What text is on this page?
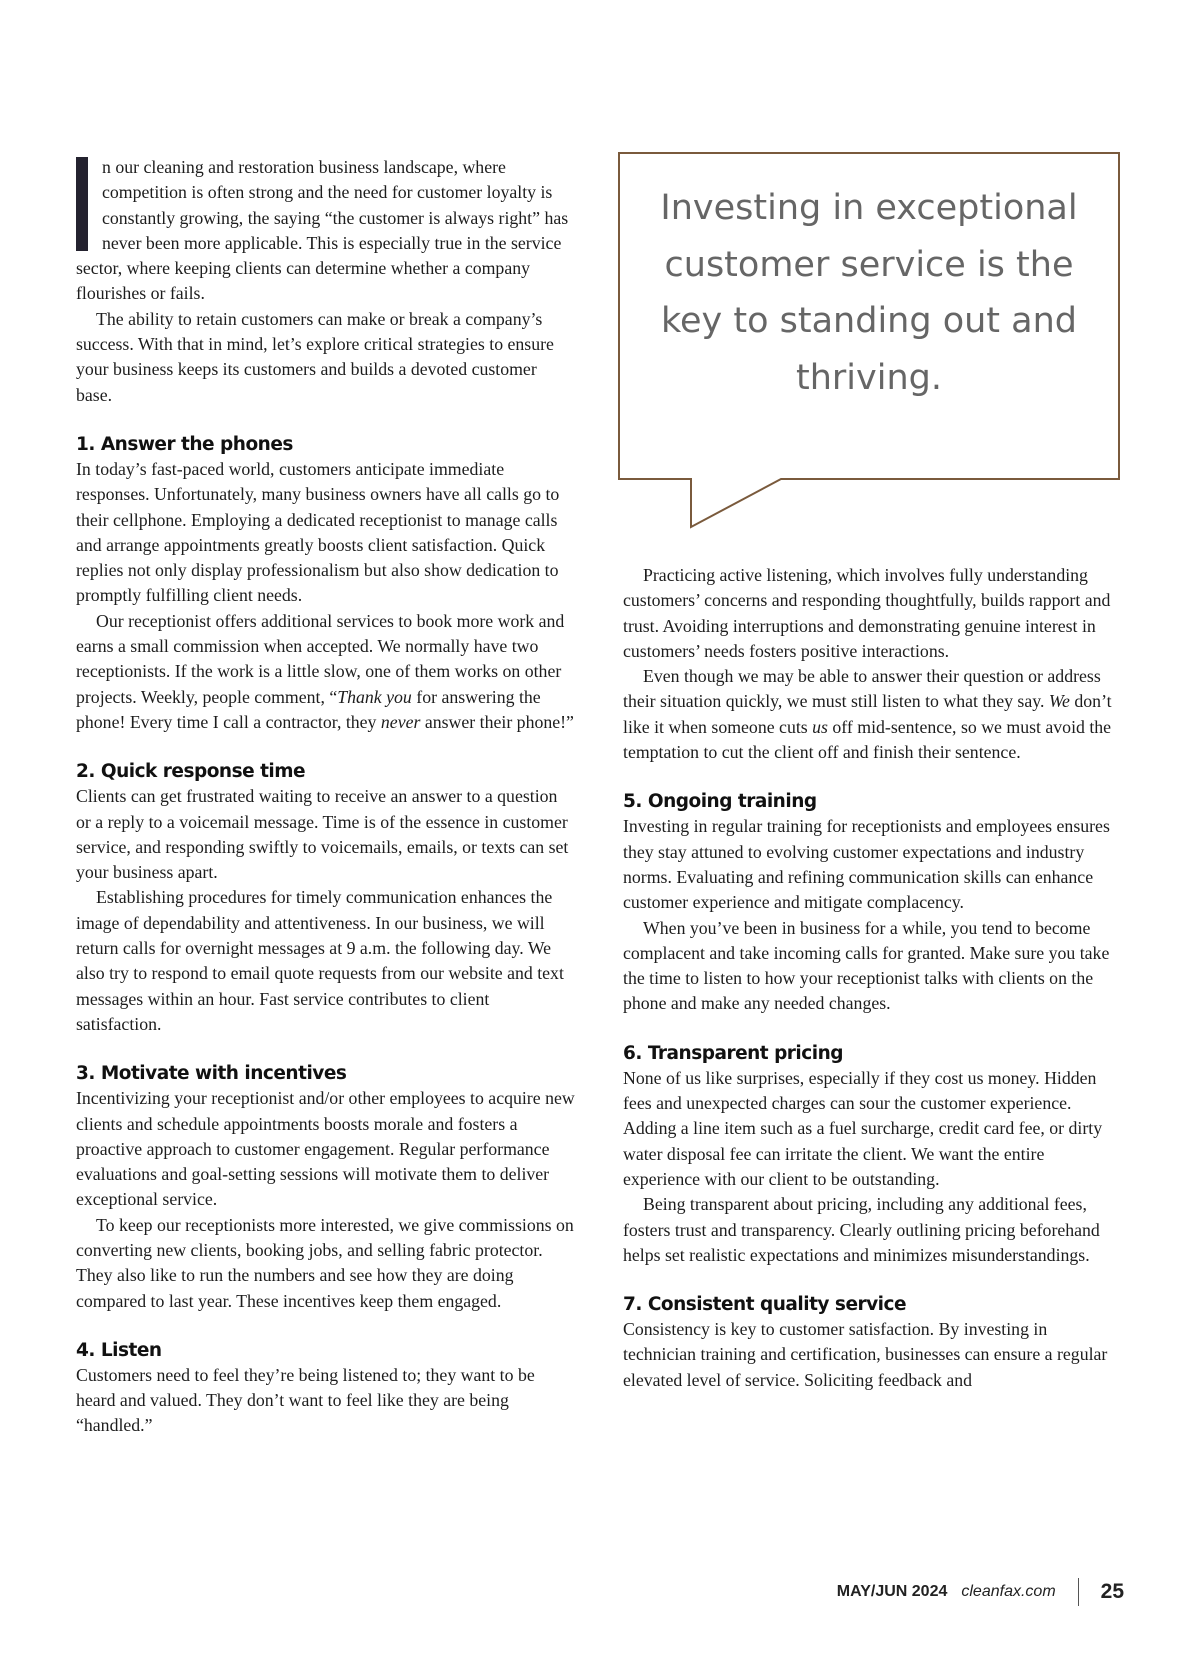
n our cleaning and restoration business landscape, where competition is often strong and the need for customer loyalty is constantly growing, the saying “the customer is always right” has never been more applicable. This is especially true in the service sector, where keeping clients can determine whether a company flourishes or fails.

The ability to retain customers can make or break a company’s success. With that in mind, let’s explore critical strategies to ensure your business keeps its customers and builds a devoted customer base.

1. Answer the phones

In today’s fast-paced world, customers anticipate immediate responses. Unfortunately, many business owners have all calls go to their cellphone. Employing a dedicated receptionist to manage calls and arrange appointments greatly boosts client satisfaction. Quick replies not only display professionalism but also show dedication to promptly fulfilling client needs.

Our receptionist offers additional services to book more work and earns a small commission when accepted. We normally have two receptionists. If the work is a little slow, one of them works on other projects. Weekly, people comment, “Thank you for answering the phone! Every time I call a contractor, they never answer their phone!”

2. Quick response time

Clients can get frustrated waiting to receive an answer to a question or a reply to a voicemail message. Time is of the essence in customer service, and responding swiftly to voicemails, emails, or texts can set your business apart.

Establishing procedures for timely communication enhances the image of dependability and attentiveness. In our business, we will return calls for overnight messages at 9 a.m. the following day. We also try to respond to email quote requests from our website and text messages within an hour. Fast service contributes to client satisfaction.

3. Motivate with incentives

Incentivizing your receptionist and/or other employees to acquire new clients and schedule appointments boosts morale and fosters a proactive approach to customer engagement. Regular performance evaluations and goal-setting sessions will motivate them to deliver exceptional service.

To keep our receptionists more interested, we give commissions on converting new clients, booking jobs, and selling fabric protector. They also like to run the numbers and see how they are doing compared to last year. These incentives keep them engaged.

4. Listen

Customers need to feel they’re being listened to; they want to be heard and valued. They don’t want to feel like they are being “handled.”

Investing in exceptional customer service is the key to standing out and thriving.

Practicing active listening, which involves fully understanding customers’ concerns and responding thoughtfully, builds rapport and trust. Avoiding interruptions and demonstrating genuine interest in customers’ needs fosters positive interactions.

Even though we may be able to answer their question or address their situation quickly, we must still listen to what they say. We don’t like it when someone cuts us off mid-sentence, so we must avoid the temptation to cut the client off and finish their sentence.

5. Ongoing training

Investing in regular training for receptionists and employees ensures they stay attuned to evolving customer expectations and industry norms. Evaluating and refining communication skills can enhance customer experience and mitigate complacency.

When you’ve been in business for a while, you tend to become complacent and take incoming calls for granted. Make sure you take the time to listen to how your receptionist talks with clients on the phone and make any needed changes.

6. Transparent pricing

None of us like surprises, especially if they cost us money. Hidden fees and unexpected charges can sour the customer experience. Adding a line item such as a fuel surcharge, credit card fee, or dirty water disposal fee can irritate the client. We want the entire experience with our client to be outstanding.

Being transparent about pricing, including any additional fees, fosters trust and transparency. Clearly outlining pricing beforehand helps set realistic expectations and minimizes misunderstandings.

7. Consistent quality service

Consistency is key to customer satisfaction. By investing in technician training and certification, businesses can ensure a regular elevated level of service. Soliciting feedback and

MAY/JUN 2024 cleanfax.com 25
